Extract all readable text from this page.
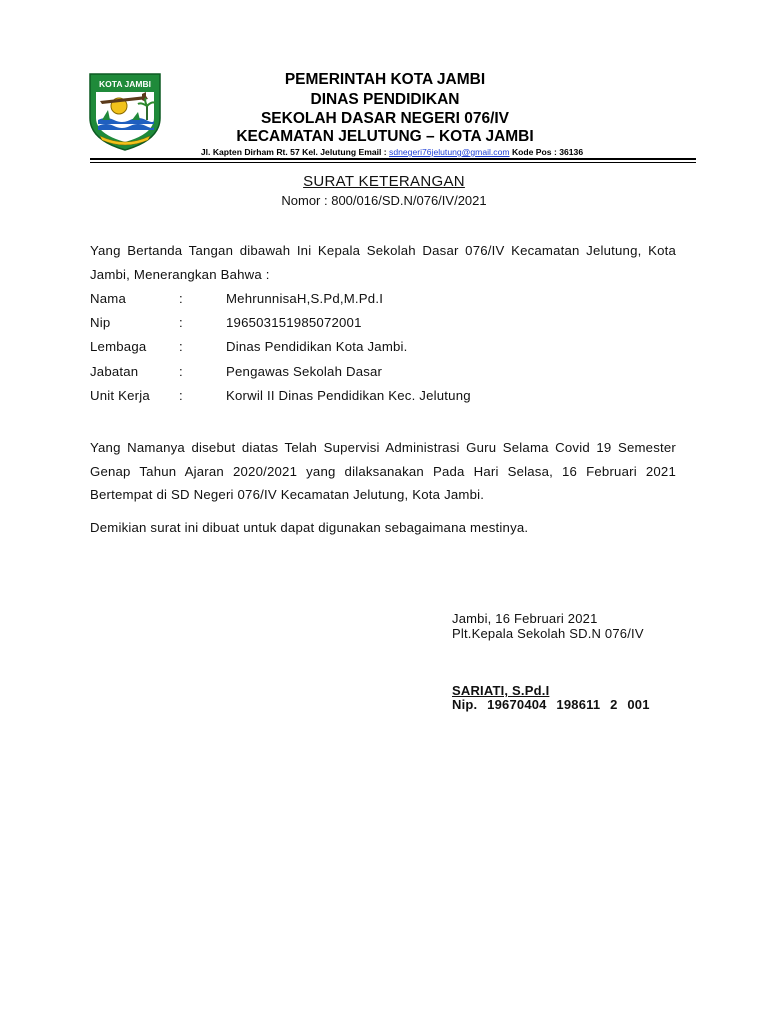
KOTA JAMBI	PEMERINTAH KOTA JAMBI
DINAS PENDIDIKAN
SEKOLAH DASAR NEGERI 076/IV
KECAMATAN JELUTUNG – KOTA JAMBI
Jl. Kapten Dirham Rt. 57 Kel. Jelutung Email : sdnegeri76jelutung@gmail.com Kode Pos : 36136
SURAT KETERANGAN
Nomor : 800/016/SD.N/076/IV/2021
Yang Bertanda Tangan dibawah Ini Kepala Sekolah Dasar 076/IV Kecamatan Jelutung, Kota Jambi, Menerangkan Bahwa :
Nama	:	MehrunnisaH,S.Pd,M.Pd.I
Nip	:	196503151985072001
Lembaga :	Dinas Pendidikan Kota Jambi.
Jabatan	:	Pengawas Sekolah Dasar
Unit Kerja :	Korwil II Dinas Pendidikan Kec. Jelutung
Yang Namanya disebut diatas Telah Supervisi Administrasi Guru Selama Covid 19 Semester Genap Tahun Ajaran 2020/2021 yang dilaksanakan Pada Hari Selasa, 16 Februari 2021 Bertempat di SD Negeri 076/IV Kecamatan Jelutung, Kota Jambi.
Demikian surat ini dibuat untuk dapat digunakan sebagaimana mestinya.
Jambi, 16 Februari 2021
Plt.Kepala Sekolah SD.N 076/IV
SARIATI, S.Pd.I
Nip. 19670404 198611 2 001
